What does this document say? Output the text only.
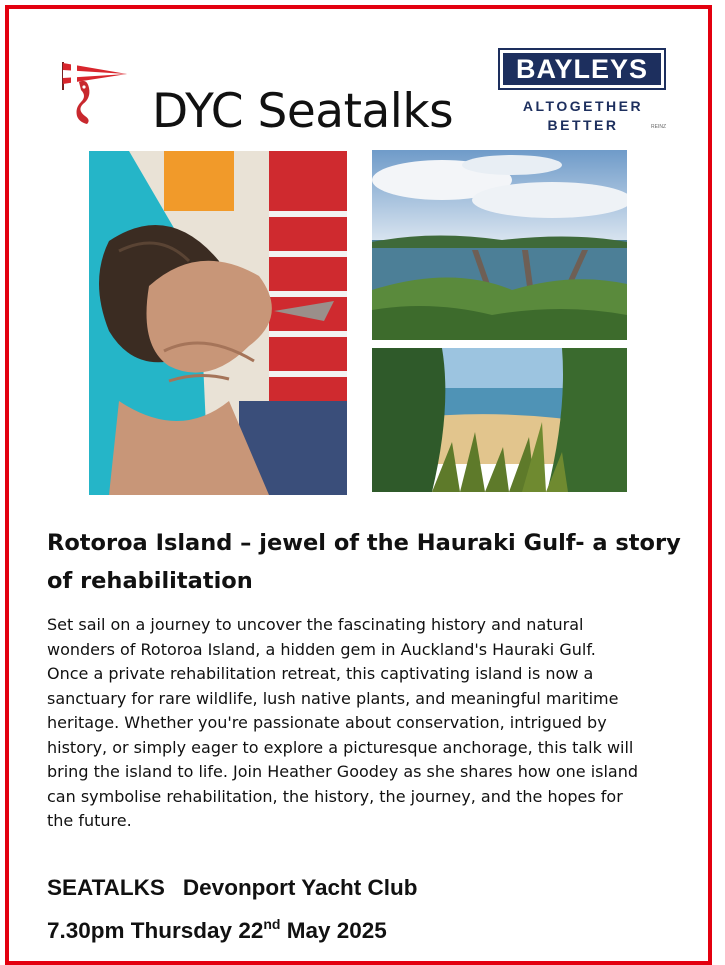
DYC Seatalks
BAYLEYS
ALTOGETHER
BETTER	REINZ
Rotoroa Island – jewel of the Hauraki Gulf- a story of rehabilitation
Set sail on a journey to uncover the fascinating history and natural
wonders of Rotoroa Island, a hidden gem in Auckland's Hauraki Gulf.
Once a private rehabilitation retreat, this captivating island is now a
sanctuary for rare wildlife, lush native plants, and meaningful maritime
heritage. Whether you're passionate about conservation, intrigued by
history, or simply eager to explore a picturesque anchorage, this talk will
bring the island to life. Join Heather Goodey as she shares how one island
can symbolise rehabilitation, the history, the journey, and the hopes for
the future.
SEATALKS Devonport Yacht Club
7.30pm Thursday 22nd May 2025
